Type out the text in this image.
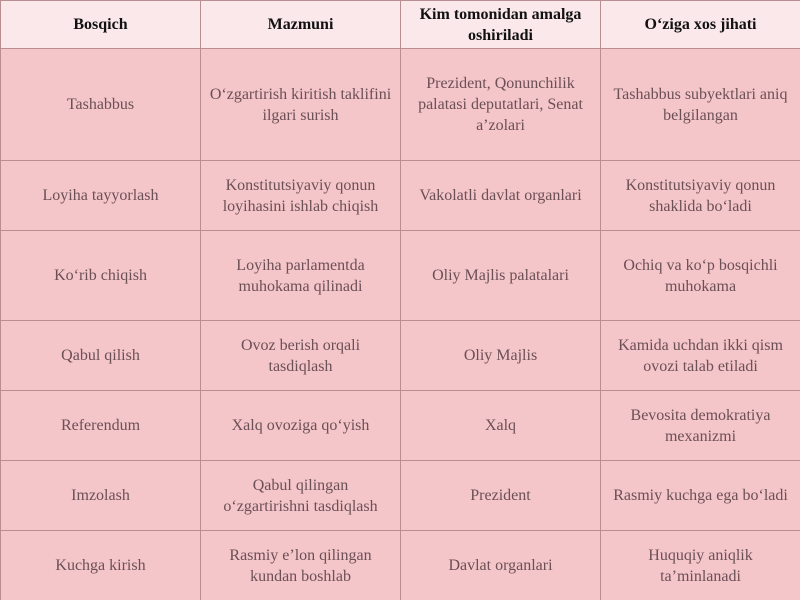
Bosqich	Mazmuni	Kim tomonidan amalga oshiriladi	O‘ziga xos jihati
Tashabbus	O‘zgartirish kiritish taklifini ilgari surish	Prezident, Qonunchilik palatasi deputatlari, Senat a’zolari	Tashabbus subyektlari aniq belgilangan
Loyiha tayyorlash	Konstitutsiyaviy qonun loyihasini ishlab chiqish	Vakolatli davlat organlari	Konstitutsiyaviy qonun shaklida bo‘ladi
Ko‘rib chiqish	Loyiha parlamentda muhokama qilinadi	Oliy Majlis palatalari	Ochiq va ko‘p bosqichli muhokama
Qabul qilish	Ovoz berish orqali tasdiqlash	Oliy Majlis	Kamida uchdan ikki qism ovozi talab etiladi
Referendum	Xalq ovoziga qo‘yish	Xalq	Bevosita demokratiya mexanizmi
Imzolash	Qabul qilingan o‘zgartirishni tasdiqlash	Prezident	Rasmiy kuchga ega bo‘ladi
Kuchga kirish	Rasmiy e’lon qilingan kundan boshlab	Davlat organlari	Huquqiy aniqlik ta’minlanadi
